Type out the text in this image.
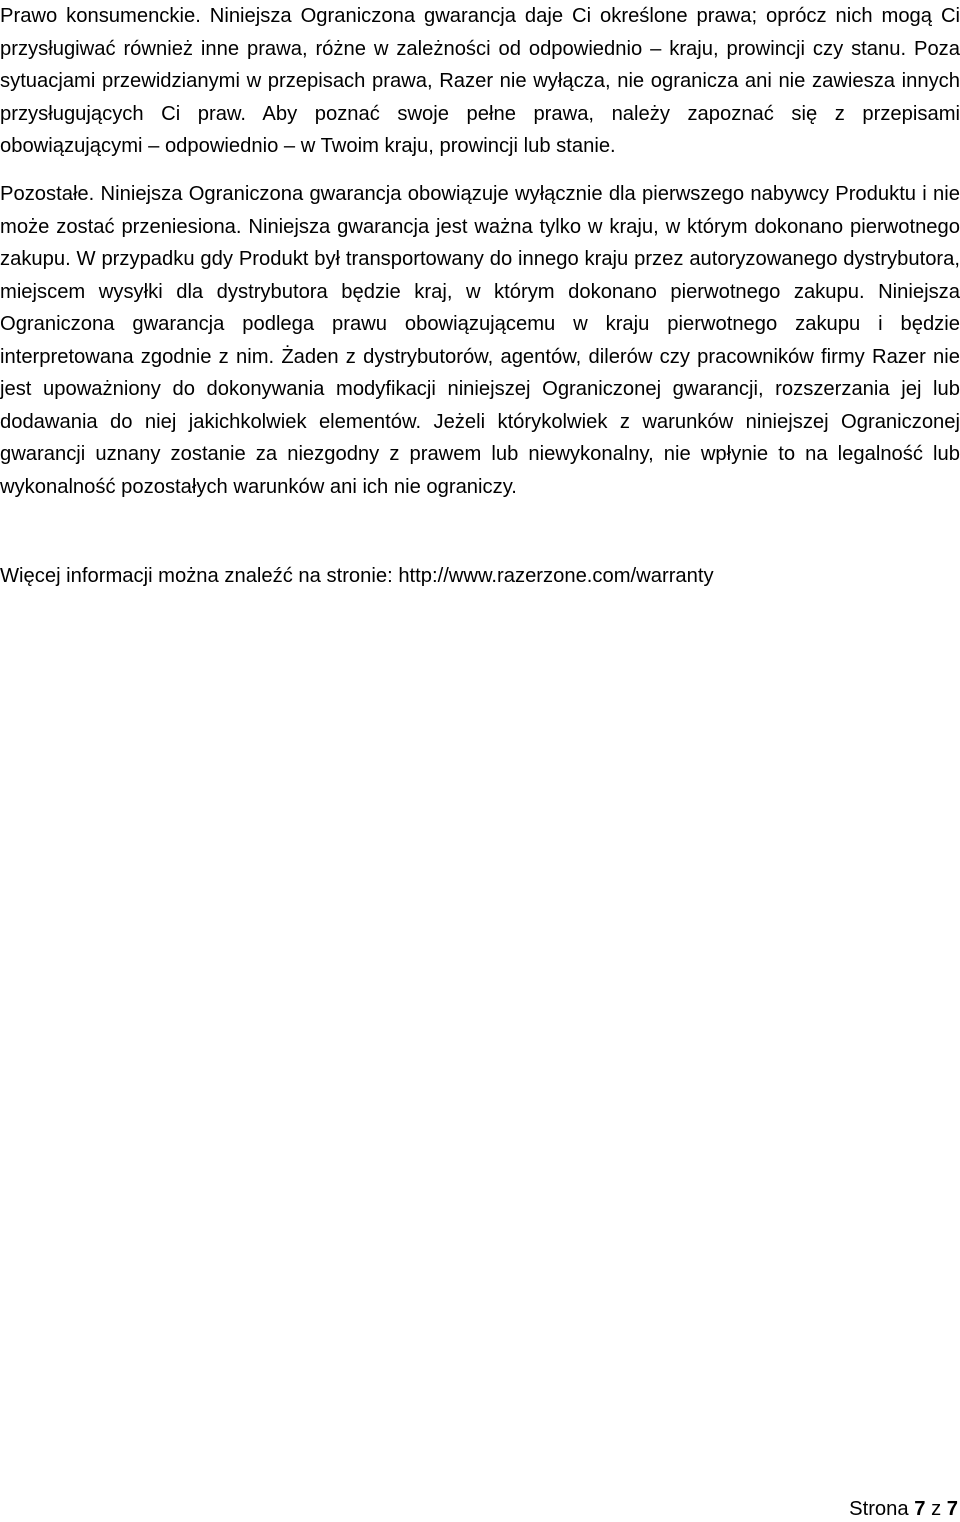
Prawo konsumenckie. Niniejsza Ograniczona gwarancja daje Ci określone prawa; oprócz nich mogą Ci przysługiwać również inne prawa, różne w zależności od odpowiednio – kraju, prowincji czy stanu. Poza sytuacjami przewidzianymi w przepisach prawa, Razer nie wyłącza, nie ogranicza ani nie zawiesza innych przysługujących Ci praw. Aby poznać swoje pełne prawa, należy zapoznać się z przepisami obowiązującymi – odpowiednio – w Twoim kraju, prowincji lub stanie.

Pozostałe. Niniejsza Ograniczona gwarancja obowiązuje wyłącznie dla pierwszego nabywcy Produktu i nie może zostać przeniesiona. Niniejsza gwarancja jest ważna tylko w kraju, w którym dokonano pierwotnego zakupu. W przypadku gdy Produkt był transportowany do innego kraju przez autoryzowanego dystrybutora, miejscem wysyłki dla dystrybutora będzie kraj, w którym dokonano pierwotnego zakupu. Niniejsza Ograniczona gwarancja podlega prawu obowiązującemu w kraju pierwotnego zakupu i będzie interpretowana zgodnie z nim. Żaden z dystrybutorów, agentów, dilerów czy pracowników firmy Razer nie jest upoważniony do dokonywania modyfikacji niniejszej Ograniczonej gwarancji, rozszerzania jej lub dodawania do niej jakichkolwiek elementów. Jeżeli którykolwiek z warunków niniejszej Ograniczonej gwarancji uznany zostanie za niezgodny z prawem lub niewykonalny, nie wpłynie to na legalność lub wykonalność pozostałych warunków ani ich nie ograniczy.

Więcej informacji można znaleźć na stronie: http://www.razerzone.com/warranty

Strona 7 z 7
